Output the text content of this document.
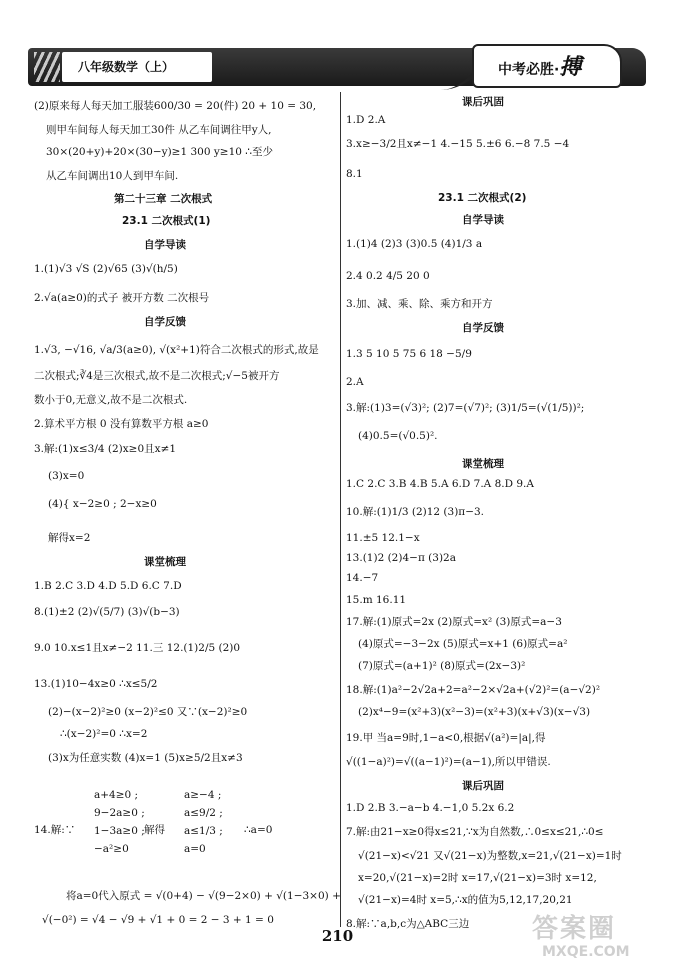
八年级数学（上）	中考必胜·搏
(2)原来每人每天加工服装600/30 = 20(件) 20 + 10 = 30,
则甲车间每人每天加工30件 从乙车间调往甲y人,
30×(20+y)+20×(30−y)≥1 300 y≥10 ∴至少
从乙车间调出10人到甲车间.
第二十三章 二次根式
23.1 二次根式(1)
自学导读
1.(1)√3 √S (2)√65 (3)√(h/5)
2.√a(a≥0)的式子 被开方数 二次根号
自学反馈
1.√3, −√16, √a/3(a≥0), √(x²+1)符合二次根式的形式,故是
二次根式;∛4是三次根式,故不是二次根式;√−5被开方
数小于0,无意义,故不是二次根式.
2.算术平方根 0 没有算数平方根 a≥0
3.解:(1)x≤3/4 (2)x≥0且x≠1
(3)x=0
(4){ x−2≥0 ; 2−x≥0
解得x=2
课堂梳理
1.B 2.C 3.D 4.D 5.D 6.C 7.D
8.(1)±2 (2)√(5/7) (3)√(b−3)
9.0 10.x≤1且x≠−2 11.三 12.(1)2/5 (2)0
13.(1)10−4x≥0 ∴x≤5/2
(2)−(x−2)²≥0 (x−2)²≤0 又∵(x−2)²≥0
∴(x−2)²=0 ∴x=2
(3)x为任意实数 (4)x=1 (5)x≥5/2且x≠3
a+4≥0 ; 9−2a≥0 ; 1−3a≥0 ; −a²≥0
14.解:∵	解得
a≥−4 ; a≤9/2 ; a≤1/3 ; a=0
∴a=0
将a=0代入原式 = √(0+4) − √(9−2×0) + √(1−3×0) +
√(−0²) = √4 − √9 + √1 + 0 = 2 − 3 + 1 = 0
课后巩固
1.D 2.A
3.x≥−3/2且x≠−1 4.−15 5.±6 6.−8 7.5 −4
8.1
23.1 二次根式(2)
自学导读
1.(1)4 (2)3 (3)0.5 (4)1/3 a
2.4 0.2 4/5 20 0
3.加、减、乘、除、乘方和开方
自学反馈
1.3 5 10 5 75 6 18 −5/9
2.A
3.解:(1)3=(√3)²; (2)7=(√7)²; (3)1/5=(√(1/5))²;
(4)0.5=(√0.5)².
课堂梳理
1.C 2.C 3.B 4.B 5.A 6.D 7.A 8.D 9.A
10.解:(1)1/3 (2)12 (3)π−3.
11.±5 12.1−x
13.(1)2 (2)4−π (3)2a
14.−7
15.m 16.11
17.解:(1)原式=2x (2)原式=x² (3)原式=a−3
(4)原式=−3−2x (5)原式=x+1 (6)原式=a²
(7)原式=(a+1)² (8)原式=(2x−3)²
18.解:(1)a²−2√2a+2=a²−2×√2a+(√2)²=(a−√2)²
(2)x⁴−9=(x²+3)(x²−3)=(x²+3)(x+√3)(x−√3)
19.甲 当a=9时,1−a<0,根据√(a²)=|a|,得
√((1−a)²)=√((a−1)²)=(a−1),所以甲错误.
课后巩固
1.D 2.B 3.−a−b 4.−1,0 5.2x 6.2
7.解:由21−x≥0得x≤21,∵x为自然数,∴0≤x≤21,∴0≤
√(21−x)<√21 又√(21−x)为整数,x=21,√(21−x)=1时
x=20,√(21−x)=2时 x=17,√(21−x)=3时 x=12,
√(21−x)=4时 x=5,∴x的值为5,12,17,20,21
8.解:∵a,b,c为△ABC三边
210	答案圈
MXQE.COM
